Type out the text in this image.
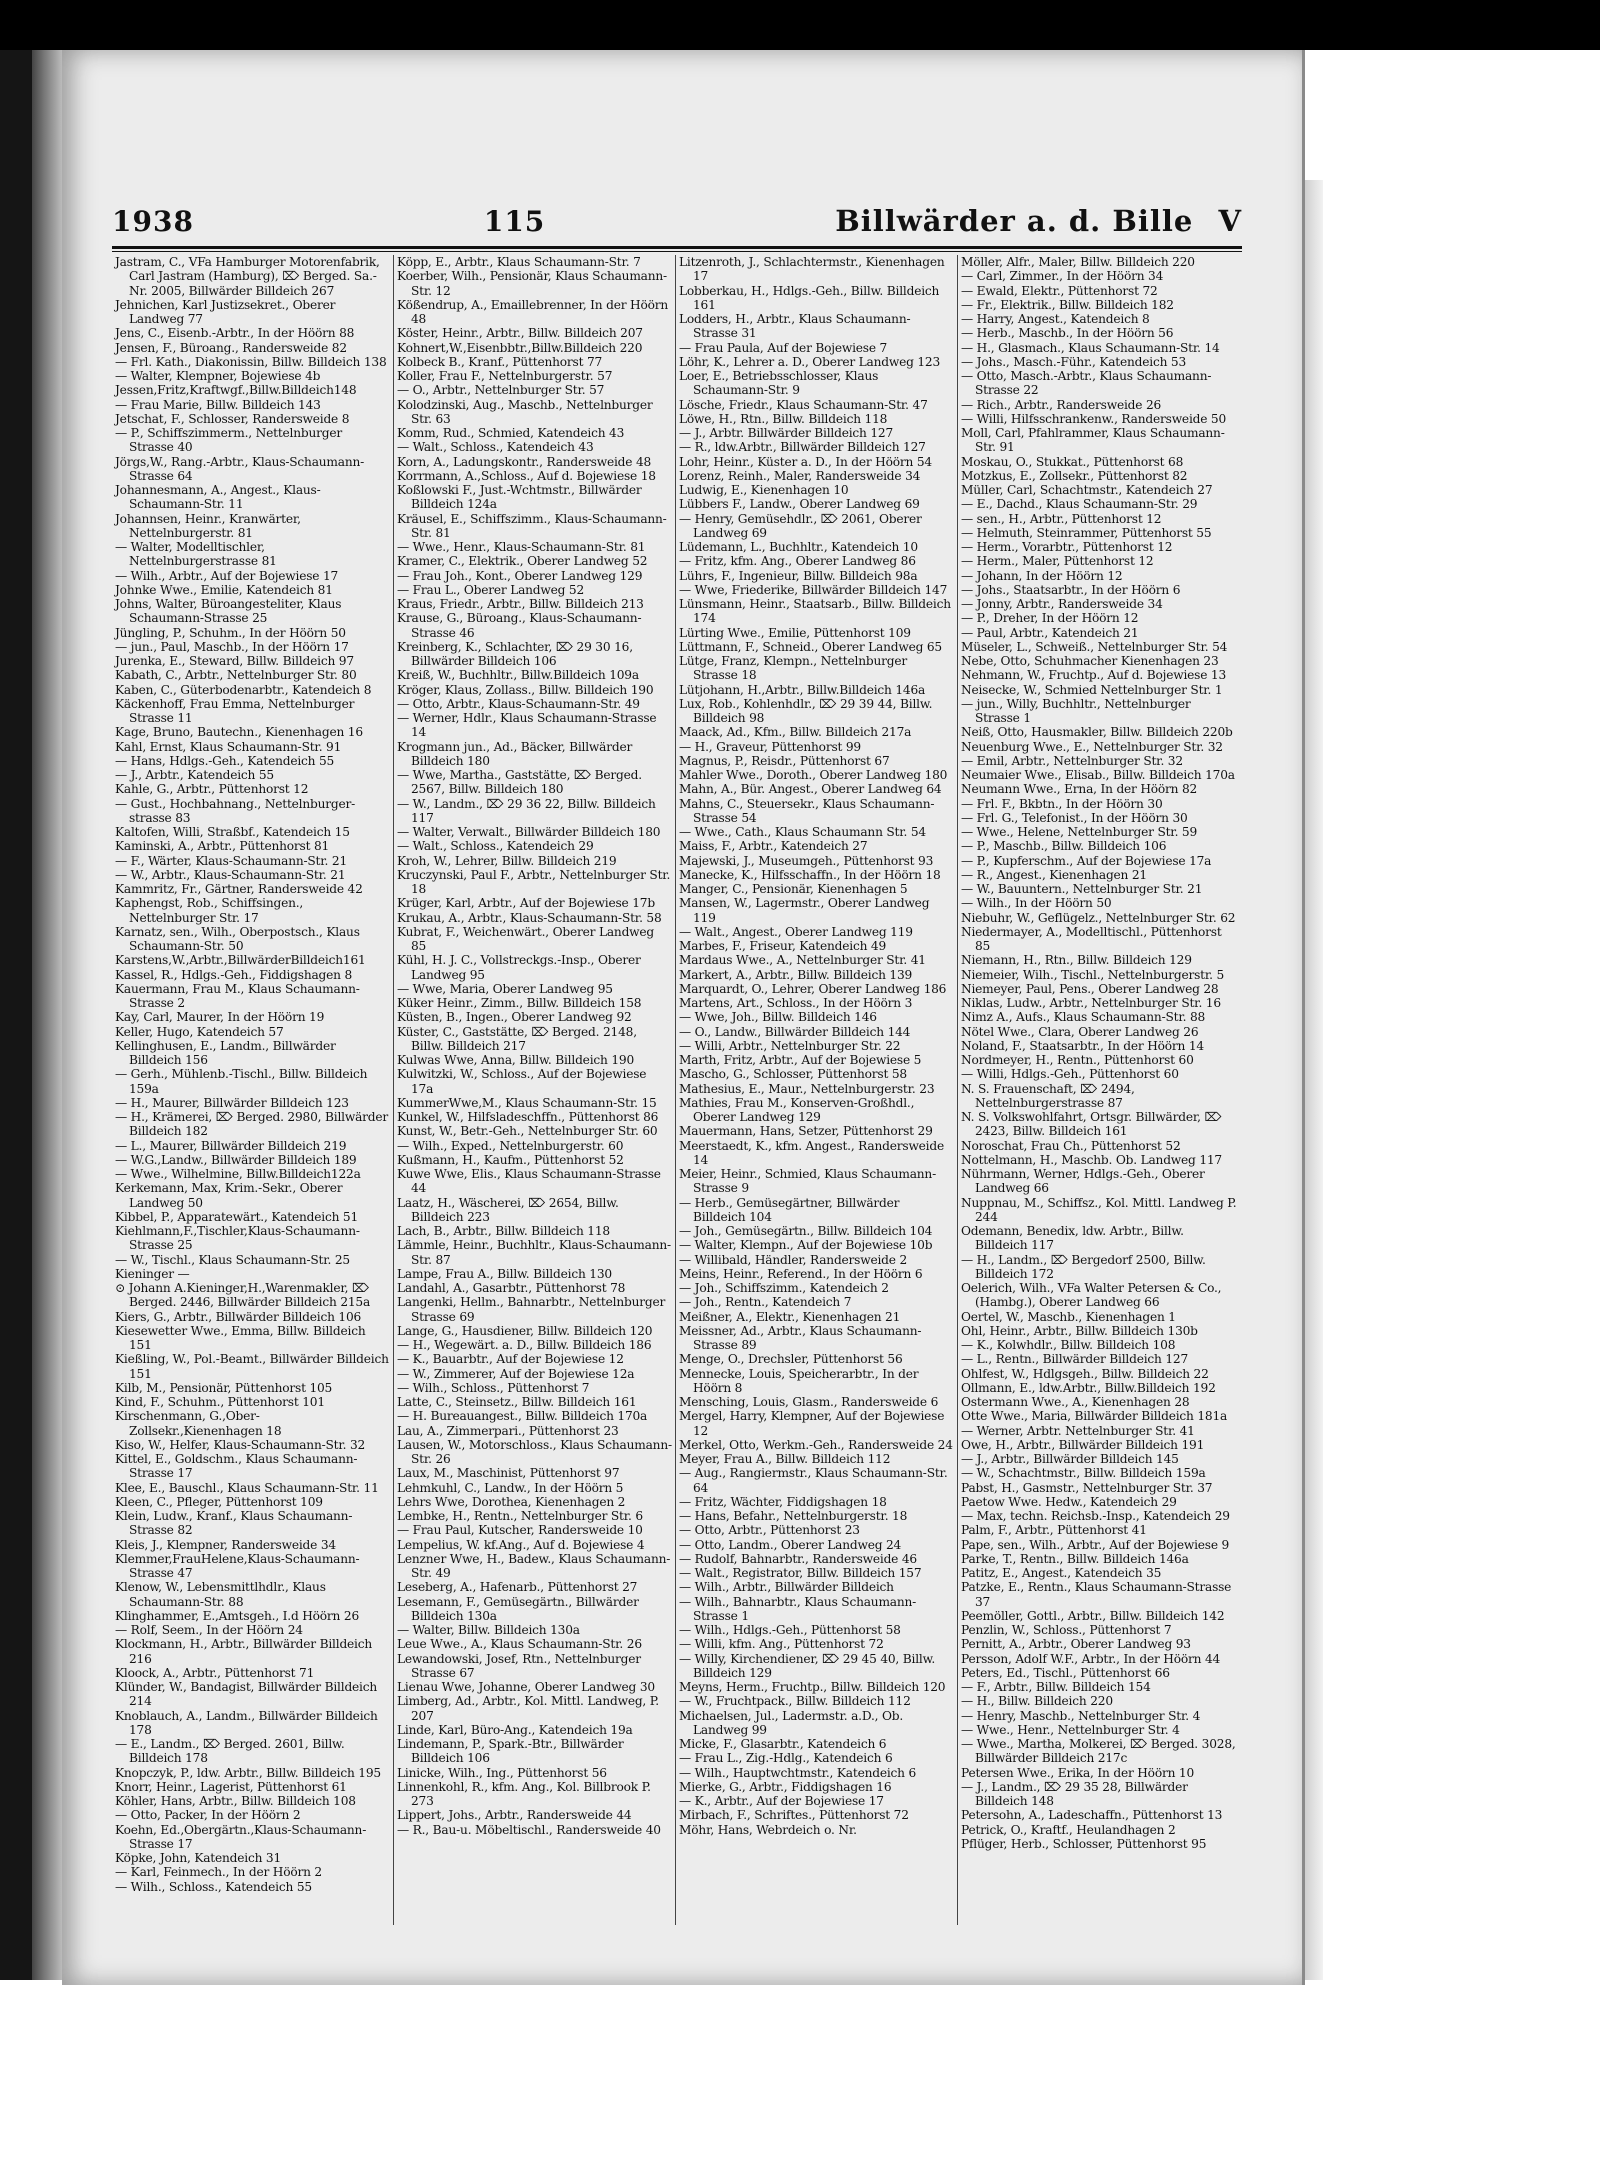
1938	115	Billwärder a. d. Bille V
Jastram, C., VFa Hamburger Motorenfabrik, Carl Jastram (Hamburg), ⌦ Berged. Sa.-Nr. 2005, Billwärder Billdeich 267
Jehnichen, Karl Justizsekret., Oberer Landweg 77
Jens, C., Eisenb.-Arbtr., In der Höörn 88
Jensen, F., Büroang., Randersweide 82
— Frl. Kath., Diakonissin, Billw. Billdeich 138
— Walter, Klempner, Bojewiese 4b
Jessen,Fritz,Kraftwgf.,Billw.Billdeich148
— Frau Marie, Billw. Billdeich 143
Jetschat, F., Schlosser, Randersweide 8
— P., Schiffszimmerm., Nettelnburger Strasse 40
Jörgs,W., Rang.-Arbtr., Klaus-Schaumann-Strasse 64
Johannesmann, A., Angest., Klaus-Schaumann-Str. 11
Johannsen, Heinr., Kranwärter, Nettelnburgerstr. 81
— Walter, Modelltischler, Nettelnburgerstrasse 81
— Wilh., Arbtr., Auf der Bojewiese 17
Johnke Wwe., Emilie, Katendeich 81
Johns, Walter, Büroangesteliter, Klaus Schaumann-Strasse 25
Jüngling, P., Schuhm., In der Höörn 50
— jun., Paul, Maschb., In der Höörn 17
Jurenka, E., Steward, Billw. Billdeich 97
Kabath, C., Arbtr., Nettelnburger Str. 80
Kaben, C., Güterbodenarbtr., Katendeich 8
Käckenhoff, Frau Emma, Nettelnburger Strasse 11
Kage, Bruno, Bautechn., Kienenhagen 16
Kahl, Ernst, Klaus Schaumann-Str. 91
— Hans, Hdlgs.-Geh., Katendeich 55
— J., Arbtr., Katendeich 55
Kahle, G., Arbtr., Püttenhorst 12
— Gust., Hochbahnang., Nettelnburger-strasse 83
Kaltofen, Willi, Straßbf., Katendeich 15
Kaminski, A., Arbtr., Püttenhorst 81
— F., Wärter, Klaus-Schaumann-Str. 21
— W., Arbtr., Klaus-Schaumann-Str. 21
Kammritz, Fr., Gärtner, Randersweide 42
Kaphengst, Rob., Schiffsingen., Nettelnburger Str. 17
Karnatz, sen., Wilh., Oberpostsch., Klaus Schaumann-Str. 50
Karstens,W.,Arbtr.,BillwärderBilldeich161
Kassel, R., Hdlgs.-Geh., Fiddigshagen 8
Kauermann, Frau M., Klaus Schaumann-Strasse 2
Kay, Carl, Maurer, In der Höörn 19
Keller, Hugo, Katendeich 57
Kellinghusen, E., Landm., Billwärder Billdeich 156
— Gerh., Mühlenb.-Tischl., Billw. Billdeich 159a
— H., Maurer, Billwärder Billdeich 123
— H., Krämerei, ⌦ Berged. 2980, Billwärder Billdeich 182
— L., Maurer, Billwärder Billdeich 219
— W.G.,Landw., Billwärder Billdeich 189
— Wwe., Wilhelmine, Billw.Billdeich122a
Kerkemann, Max, Krim.-Sekr., Oberer Landweg 50
Kibbel, P., Apparatewärt., Katendeich 51
Kiehlmann,F.,Tischler,Klaus-Schaumann-Strasse 25
— W., Tischl., Klaus Schaumann-Str. 25
Kieninger —
⊙ Johann A.Kieninger,H.,Warenmakler, ⌦ Berged. 2446, Billwärder Billdeich 215a
Kiers, G., Arbtr., Billwärder Billdeich 106
Kiesewetter Wwe., Emma, Billw. Billdeich 151
Kießling, W., Pol.-Beamt., Billwärder Billdeich 151
Kilb, M., Pensionär, Püttenhorst 105
Kind, F., Schuhm., Püttenhorst 101
Kirschenmann, G.,Ober-Zollsekr.,Kienenhagen 18
Kiso, W., Helfer, Klaus-Schaumann-Str. 32
Kittel, E., Goldschm., Klaus Schaumann-Strasse 17
Klee, E., Bauschl., Klaus Schaumann-Str. 11
Kleen, C., Pfleger, Püttenhorst 109
Klein, Ludw., Kranf., Klaus Schaumann-Strasse 82
Kleis, J., Klempner, Randersweide 34
Klemmer,FrauHelene,Klaus-Schaumann-Strasse 47
Klenow, W., Lebensmittlhdlr., Klaus Schaumann-Str. 88
Klinghammer, E.,Amtsgeh., I.d Höörn 26
— Rolf, Seem., In der Höörn 24
Klockmann, H., Arbtr., Billwärder Billdeich 216
Kloock, A., Arbtr., Püttenhorst 71
Klünder, W., Bandagist, Billwärder Billdeich 214
Knoblauch, A., Landm., Billwärder Billdeich 178
— E., Landm., ⌦ Berged. 2601, Billw. Billdeich 178
Knopczyk, P., ldw. Arbtr., Billw. Billdeich 195
Knorr, Heinr., Lagerist, Püttenhorst 61
Köhler, Hans, Arbtr., Billw. Billdeich 108
— Otto, Packer, In der Höörn 2
Koehn, Ed.,Obergärtn.,Klaus-Schaumann-Strasse 17
Köpke, John, Katendeich 31
— Karl, Feinmech., In der Höörn 2
— Wilh., Schloss., Katendeich 55
Köpp, E., Arbtr., Klaus Schaumann-Str. 7
Koerber, Wilh., Pensionär, Klaus Schaumann-Str. 12
Kößendrup, A., Emaillebrenner, In der Höörn 48
Köster, Heinr., Arbtr., Billw. Billdeich 207
Kohnert,W.,Eisenbbtr.,Billw.Billdeich 220
Kolbeck B., Kranf., Püttenhorst 77
Koller, Frau F., Nettelnburgerstr. 57
— O., Arbtr., Nettelnburger Str. 57
Kolodzinski, Aug., Maschb., Nettelnburger Str. 63
Komm, Rud., Schmied, Katendeich 43
— Walt., Schloss., Katendeich 43
Korn, A., Ladungskontr., Randersweide 48
Korrmann, A.,Schloss., Auf d. Bojewiese 18
Koßlowski F., Just.-Wchtmstr., Billwärder Billdeich 124a
Kräusel, E., Schiffszimm., Klaus-Schaumann-Str. 81
— Wwe., Henr., Klaus-Schaumann-Str. 81
Kramer, C., Elektrik., Oberer Landweg 52
— Frau Joh., Kont., Oberer Landweg 129
— Frau L., Oberer Landweg 52
Kraus, Friedr., Arbtr., Billw. Billdeich 213
Krause, G., Büroang., Klaus-Schaumann-Strasse 46
Kreinberg, K., Schlachter, ⌦ 29 30 16, Billwärder Billdeich 106
Kreiß, W., Buchhltr., Billw.Billdeich 109a
Kröger, Klaus, Zollass., Billw. Billdeich 190
— Otto, Arbtr., Klaus-Schaumann-Str. 49
— Werner, Hdlr., Klaus Schaumann-Strasse 14
Krogmann jun., Ad., Bäcker, Billwärder Billdeich 180
— Wwe, Martha., Gaststätte, ⌦ Berged. 2567, Billw. Billdeich 180
— W., Landm., ⌦ 29 36 22, Billw. Billdeich 117
— Walter, Verwalt., Billwärder Billdeich 180
— Walt., Schloss., Katendeich 29
Kroh, W., Lehrer, Billw. Billdeich 219
Kruczynski, Paul F., Arbtr., Nettelnburger Str. 18
Krüger, Karl, Arbtr., Auf der Bojewiese 17b
Krukau, A., Arbtr., Klaus-Schaumann-Str. 58
Kubrat, F., Weichenwärt., Oberer Landweg 85
Kühl, H. J. C., Vollstreckgs.-Insp., Oberer Landweg 95
— Wwe, Maria, Oberer Landweg 95
Küker Heinr., Zimm., Billw. Billdeich 158
Küsten, B., Ingen., Oberer Landweg 92
Küster, C., Gaststätte, ⌦ Berged. 2148, Billw. Billdeich 217
Kulwas Wwe, Anna, Billw. Billdeich 190
Kulwitzki, W., Schloss., Auf der Bojewiese 17a
KummerWwe,M., Klaus Schaumann-Str. 15
Kunkel, W., Hilfsladeschffn., Püttenhorst 86
Kunst, W., Betr.-Geh., Nettelnburger Str. 60
— Wilh., Exped., Nettelnburgerstr. 60
Kußmann, H., Kaufm., Püttenhorst 52
Kuwe Wwe, Elis., Klaus Schaumann-Strasse 44
Laatz, H., Wäscherei, ⌦ 2654, Billw. Billdeich 223
Lach, B., Arbtr., Billw. Billdeich 118
Lämmle, Heinr., Buchhltr., Klaus-Schaumann-Str. 87
Lampe, Frau A., Billw. Billdeich 130
Landahl, A., Gasarbtr., Püttenhorst 78
Langenki, Hellm., Bahnarbtr., Nettelnburger Strasse 69
Lange, G., Hausdiener, Billw. Billdeich 120
— H., Wegewärt. a. D., Billw. Billdeich 186
— K., Bauarbtr., Auf der Bojewiese 12
— W., Zimmerer, Auf der Bojewiese 12a
— Wilh., Schloss., Püttenhorst 7
Latte, C., Steinsetz., Billw. Billdeich 161
— H. Bureauangest., Billw. Billdeich 170a
Lau, A., Zimmerpari., Püttenhorst 23
Lausen, W., Motorschloss., Klaus Schaumann-Str. 26
Laux, M., Maschinist, Püttenhorst 97
Lehmkuhl, C., Landw., In der Höörn 5
Lehrs Wwe, Dorothea, Kienenhagen 2
Lembke, H., Rentn., Nettelnburger Str. 6
— Frau Paul, Kutscher, Randersweide 10
Lempelius, W. kf.Ang., Auf d. Bojewiese 4
Lenzner Wwe, H., Badew., Klaus Schaumann-Str. 49
Leseberg, A., Hafenarb., Püttenhorst 27
Lesemann, F., Gemüsegärtn., Billwärder Billdeich 130a
— Walter, Billw. Billdeich 130a
Leue Wwe., A., Klaus Schaumann-Str. 26
Lewandowski, Josef, Rtn., Nettelnburger Strasse 67
Lienau Wwe, Johanne, Oberer Landweg 30
Limberg, Ad., Arbtr., Kol. Mittl. Landweg, P. 207
Linde, Karl, Büro-Ang., Katendeich 19a
Lindemann, P., Spark.-Btr., Billwärder Billdeich 106
Linicke, Wilh., Ing., Püttenhorst 56
Linnenkohl, R., kfm. Ang., Kol. Billbrook P. 273
Lippert, Johs., Arbtr., Randersweide 44
— R., Bau-u. Möbeltischl., Randersweide 40
Litzenroth, J., Schlachtermstr., Kienenhagen 17
Lobberkau, H., Hdlgs.-Geh., Billw. Billdeich 161
Lodders, H., Arbtr., Klaus Schaumann-Strasse 31
— Frau Paula, Auf der Bojewiese 7
Löhr, K., Lehrer a. D., Oberer Landweg 123
Loer, E., Betriebsschlosser, Klaus Schaumann-Str. 9
Lösche, Friedr., Klaus Schaumann-Str. 47
Löwe, H., Rtn., Billw. Billdeich 118
— J., Arbtr. Billwärder Billdeich 127
— R., ldw.Arbtr., Billwärder Billdeich 127
Lohr, Heinr., Küster a. D., In der Höörn 54
Lorenz, Reinh., Maler, Randersweide 34
Ludwig, E., Kienenhagen 10
Lübbers F., Landw., Oberer Landweg 69
— Henry, Gemüsehdlr., ⌦ 2061, Oberer Landweg 69
Lüdemann, L., Buchhltr., Katendeich 10
— Fritz, kfm. Ang., Oberer Landweg 86
Lührs, F., Ingenieur, Billw. Billdeich 98a
— Wwe, Friederike, Billwärder Billdeich 147
Lünsmann, Heinr., Staatsarb., Billw. Billdeich 174
Lürting Wwe., Emilie, Püttenhorst 109
Lüttmann, F., Schneid., Oberer Landweg 65
Lütge, Franz, Klempn., Nettelnburger Strasse 18
Lütjohann, H.,Arbtr., Billw.Billdeich 146a
Lux, Rob., Kohlenhdlr., ⌦ 29 39 44, Billw. Billdeich 98
Maack, Ad., Kfm., Billw. Billdeich 217a
— H., Graveur, Püttenhorst 99
Magnus, P., Reisdr., Püttenhorst 67
Mahler Wwe., Doroth., Oberer Landweg 180
Mahn, A., Bür. Angest., Oberer Landweg 64
Mahns, C., Steuersekr., Klaus Schaumann-Strasse 54
— Wwe., Cath., Klaus Schaumann Str. 54
Maiss, F., Arbtr., Katendeich 27
Majewski, J., Museumgeh., Püttenhorst 93
Manecke, K., Hilfsschaffn., In der Höörn 18
Manger, C., Pensionär, Kienenhagen 5
Mansen, W., Lagermstr., Oberer Landweg 119
— Walt., Angest., Oberer Landweg 119
Marbes, F., Friseur, Katendeich 49
Mardaus Wwe., A., Nettelnburger Str. 41
Markert, A., Arbtr., Billw. Billdeich 139
Marquardt, O., Lehrer, Oberer Landweg 186
Martens, Art., Schloss., In der Höörn 3
— Wwe, Joh., Billw. Billdeich 146
— O., Landw., Billwärder Billdeich 144
— Willi, Arbtr., Nettelnburger Str. 22
Marth, Fritz, Arbtr., Auf der Bojewiese 5
Mascho, G., Schlosser, Püttenhorst 58
Mathesius, E., Maur., Nettelnburgerstr. 23
Mathies, Frau M., Konserven-Großhdl., Oberer Landweg 129
Mauermann, Hans, Setzer, Püttenhorst 29
Meerstaedt, K., kfm. Angest., Randersweide 14
Meier, Heinr., Schmied, Klaus Schaumann-Strasse 9
— Herb., Gemüsegärtner, Billwärder Billdeich 104
— Joh., Gemüsegärtn., Billw. Billdeich 104
— Walter, Klempn., Auf der Bojewiese 10b
— Willibald, Händler, Randersweide 2
Meins, Heinr., Referend., In der Höörn 6
— Joh., Schiffszimm., Katendeich 2
— Joh., Rentn., Katendeich 7
Meißner, A., Elektr., Kienenhagen 21
Meissner, Ad., Arbtr., Klaus Schaumann-Strasse 89
Menge, O., Drechsler, Püttenhorst 56
Mennecke, Louis, Speicherarbtr., In der Höörn 8
Mensching, Louis, Glasm., Randersweide 6
Mergel, Harry, Klempner, Auf der Bojewiese 12
Merkel, Otto, Werkm.-Geh., Randersweide 24
Meyer, Frau A., Billw. Billdeich 112
— Aug., Rangiermstr., Klaus Schaumann-Str. 64
— Fritz, Wächter, Fiddigshagen 18
— Hans, Befahr., Nettelnburgerstr. 18
— Otto, Arbtr., Püttenhorst 23
— Otto, Landm., Oberer Landweg 24
— Rudolf, Bahnarbtr., Randersweide 46
— Walt., Registrator, Billw. Billdeich 157
— Wilh., Arbtr., Billwärder Billdeich
— Wilh., Bahnarbtr., Klaus Schaumann-Strasse 1
— Wilh., Hdlgs.-Geh., Püttenhorst 58
— Willi, kfm. Ang., Püttenhorst 72
— Willy, Kirchendiener, ⌦ 29 45 40, Billw. Billdeich 129
Meyns, Herm., Fruchtp., Billw. Billdeich 120
— W., Fruchtpack., Billw. Billdeich 112
Michaelsen, Jul., Ladermstr. a.D., Ob. Landweg 99
Micke, F., Glasarbtr., Katendeich 6
— Frau L., Zig.-Hdlg., Katendeich 6
— Wilh., Hauptwchtmstr., Katendeich 6
Mierke, G., Arbtr., Fiddigshagen 16
— K., Arbtr., Auf der Bojewiese 17
Mirbach, F., Schriftes., Püttenhorst 72
Möhr, Hans, Webrdeich o. Nr.
Möller, Alfr., Maler, Billw. Billdeich 220
— Carl, Zimmer., In der Höörn 34
— Ewald, Elektr., Püttenhorst 72
— Fr., Elektrik., Billw. Billdeich 182
— Harry, Angest., Katendeich 8
— Herb., Maschb., In der Höörn 56
— H., Glasmach., Klaus Schaumann-Str. 14
— Johs., Masch.-Führ., Katendeich 53
— Otto, Masch.-Arbtr., Klaus Schaumann-Strasse 22
— Rich., Arbtr., Randersweide 26
— Willi, Hilfsschrankenw., Randersweide 50
Moll, Carl, Pfahlrammer, Klaus Schaumann-Str. 91
Moskau, O., Stukkat., Püttenhorst 68
Motzkus, E., Zollsekr., Püttenhorst 82
Müller, Carl, Schachtmstr., Katendeich 27
— E., Dachd., Klaus Schaumann-Str. 29
— sen., H., Arbtr., Püttenhorst 12
— Helmuth, Steinrammer, Püttenhorst 55
— Herm., Vorarbtr., Püttenhorst 12
— Herm., Maler, Püttenhorst 12
— Johann, In der Höörn 12
— Johs., Staatsarbtr., In der Höörn 6
— Jonny, Arbtr., Randersweide 34
— P., Dreher, In der Höörn 12
— Paul, Arbtr., Katendeich 21
Müseler, L., Schweiß., Nettelnburger Str. 54
Nebe, Otto, Schuhmacher Kienenhagen 23
Nehmann, W., Fruchtp., Auf d. Bojewiese 13
Neisecke, W., Schmied Nettelnburger Str. 1
— jun., Willy, Buchhltr., Nettelnburger Strasse 1
Neiß, Otto, Hausmakler, Billw. Billdeich 220b
Neuenburg Wwe., E., Nettelnburger Str. 32
— Emil, Arbtr., Nettelnburger Str. 32
Neumaier Wwe., Elisab., Billw. Billdeich 170a
Neumann Wwe., Erna, In der Höörn 82
— Frl. F., Bkbtn., In der Höörn 30
— Frl. G., Telefonist., In der Höörn 30
— Wwe., Helene, Nettelnburger Str. 59
— P., Maschb., Billw. Billdeich 106
— P., Kupferschm., Auf der Bojewiese 17a
— R., Angest., Kienenhagen 21
— W., Bauuntern., Nettelnburger Str. 21
— Wilh., In der Höörn 50
Niebuhr, W., Geflügelz., Nettelnburger Str. 62
Niedermayer, A., Modelltischl., Püttenhorst 85
Niemann, H., Rtn., Billw. Billdeich 129
Niemeier, Wilh., Tischl., Nettelnburgerstr. 5
Niemeyer, Paul, Pens., Oberer Landweg 28
Niklas, Ludw., Arbtr., Nettelnburger Str. 16
Nimz A., Aufs., Klaus Schaumann-Str. 88
Nötel Wwe., Clara, Oberer Landweg 26
Noland, F., Staatsarbtr., In der Höörn 14
Nordmeyer, H., Rentn., Püttenhorst 60
— Willi, Hdlgs.-Geh., Püttenhorst 60
N. S. Frauenschaft, ⌦ 2494, Nettelnburgerstrasse 87
N. S. Volkswohlfahrt, Ortsgr. Billwärder, ⌦ 2423, Billw. Billdeich 161
Noroschat, Frau Ch., Püttenhorst 52
Nottelmann, H., Maschb. Ob. Landweg 117
Nührmann, Werner, Hdlgs.-Geh., Oberer Landweg 66
Nuppnau, M., Schiffsz., Kol. Mittl. Landweg P. 244
Odemann, Benedix, ldw. Arbtr., Billw. Billdeich 117
— H., Landm., ⌦ Bergedorf 2500, Billw. Billdeich 172
Oelerich, Wilh., VFa Walter Petersen & Co., (Hambg.), Oberer Landweg 66
Oertel, W., Maschb., Kienenhagen 1
Ohl, Heinr., Arbtr., Billw. Billdeich 130b
— K., Kolwhdlr., Billw. Billdeich 108
— L., Rentn., Billwärder Billdeich 127
Ohlfest, W., Hdlgsgeh., Billw. Billdeich 22
Ollmann, E., ldw.Arbtr., Billw.Billdeich 192
Ostermann Wwe., A., Kienenhagen 28
Otte Wwe., Maria, Billwärder Billdeich 181a
— Werner, Arbtr. Nettelnburger Str. 41
Owe, H., Arbtr., Billwärder Billdeich 191
— J., Arbtr., Billwärder Billdeich 145
— W., Schachtmstr., Billw. Billdeich 159a
Pabst, H., Gasmstr., Nettelnburger Str. 37
Paetow Wwe. Hedw., Katendeich 29
— Max, techn. Reichsb.-Insp., Katendeich 29
Palm, F., Arbtr., Püttenhorst 41
Pape, sen., Wilh., Arbtr., Auf der Bojewiese 9
Parke, T., Rentn., Billw. Billdeich 146a
Patitz, E., Angest., Katendeich 35
Patzke, E., Rentn., Klaus Schaumann-Strasse 37
Peemöller, Gottl., Arbtr., Billw. Billdeich 142
Penzlin, W., Schloss., Püttenhorst 7
Pernitt, A., Arbtr., Oberer Landweg 93
Persson, Adolf W.F., Arbtr., In der Höörn 44
Peters, Ed., Tischl., Püttenhorst 66
— F., Arbtr., Billw. Billdeich 154
— H., Billw. Billdeich 220
— Henry, Maschb., Nettelnburger Str. 4
— Wwe., Henr., Nettelnburger Str. 4
— Wwe., Martha, Molkerei, ⌦ Berged. 3028, Billwärder Billdeich 217c
Petersen Wwe., Erika, In der Höörn 10
— J., Landm., ⌦ 29 35 28, Billwärder Billdeich 148
Petersohn, A., Ladeschaffn., Püttenhorst 13
Petrick, O., Kraftf., Heulandhagen 2
Pflüger, Herb., Schlosser, Püttenhorst 95
